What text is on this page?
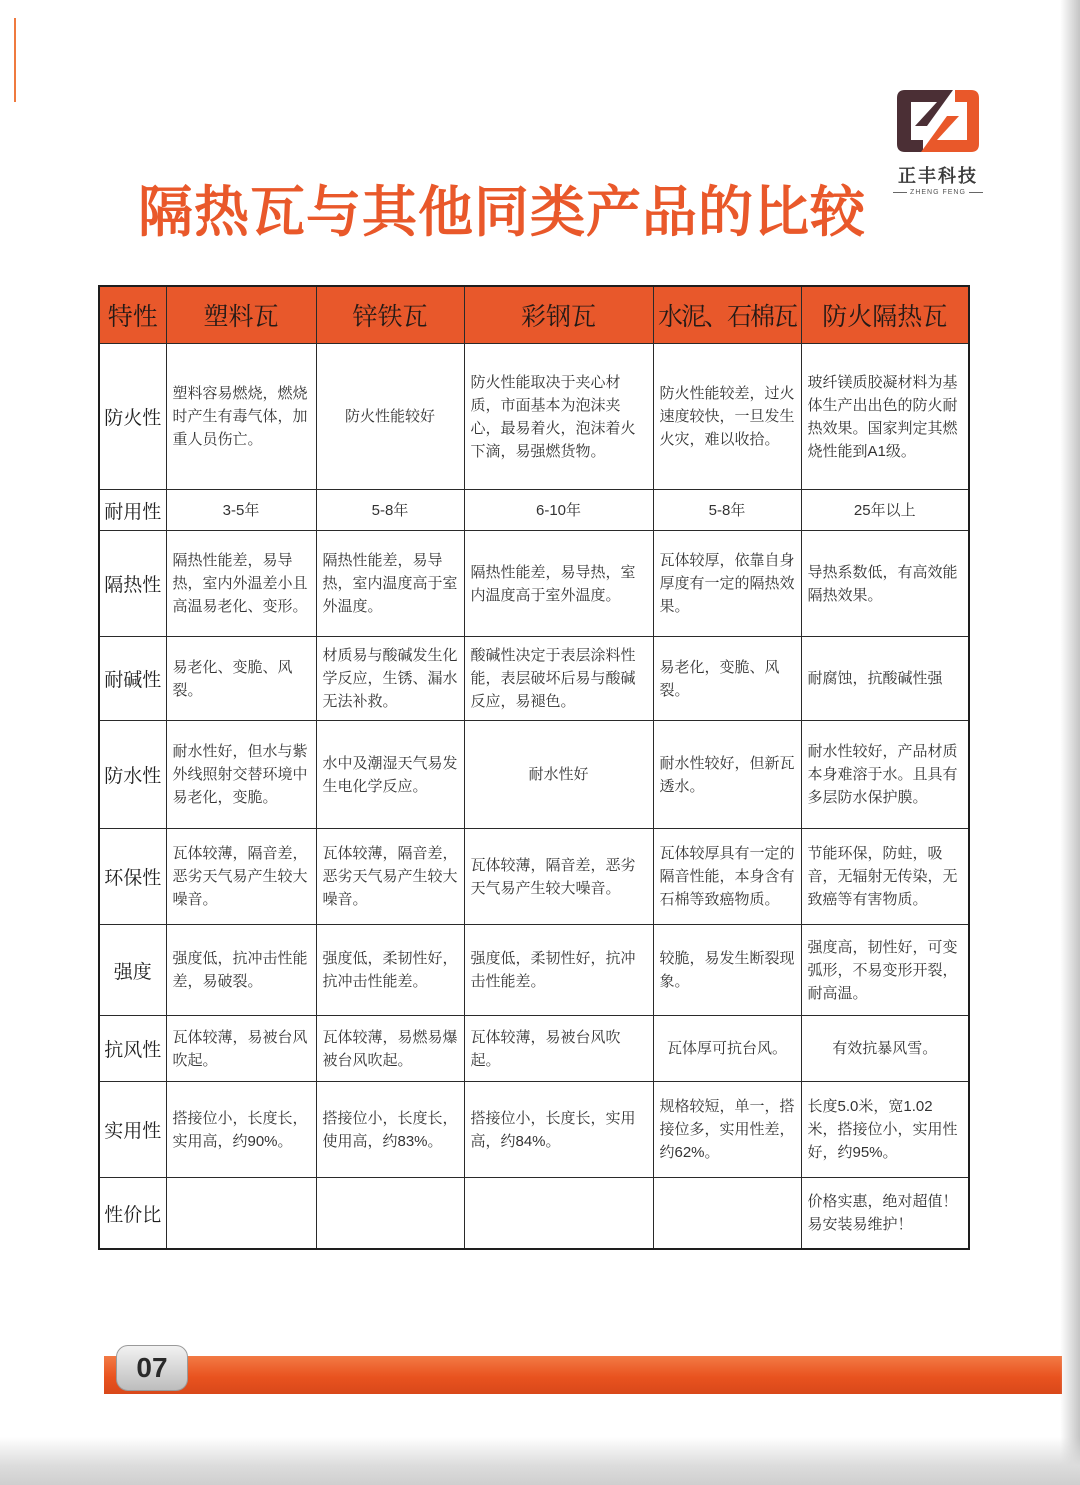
正丰科技
ZHENG FENG
隔热瓦与其他同类产品的比较
特性	塑料瓦	锌铁瓦	彩钢瓦	水泥、石棉瓦	防火隔热瓦
防火性	塑料容易燃烧，燃烧时产生有毒气体，加重人员伤亡。	防火性能较好	防火性能取决于夹心材质，市面基本为泡沫夹心，最易着火，泡沫着火下滴，易强燃货物。	防火性能较差，过火速度较快，一旦发生火灾，难以收拾。	玻纤镁质胶凝材料为基体生产出出色的防火耐热效果。国家判定其燃烧性能到A1级。
耐用性	3-5年	5-8年	6-10年	5-8年	25年以上
隔热性	隔热性能差，易导热，室内外温差小且高温易老化、变形。	隔热性能差，易导热，室内温度高于室外温度。	隔热性能差，易导热，室内温度高于室外温度。	瓦体较厚，依靠自身厚度有一定的隔热效果。	导热系数低，有高效能隔热效果。
耐碱性	易老化、变脆、风裂。	材质易与酸碱发生化学反应，生锈、漏水无法补救。	酸碱性决定于表层涂料性能，表层破坏后易与酸碱反应，易褪色。	易老化，变脆、风裂。	耐腐蚀，抗酸碱性强
防水性	耐水性好，但水与紫外线照射交替环境中易老化，变脆。	水中及潮湿天气易发生电化学反应。	耐水性好	耐水性较好，但新瓦透水。	耐水性较好，产品材质本身难溶于水。且具有多层防水保护膜。
环保性	瓦体较薄，隔音差，恶劣天气易产生较大噪音。	瓦体较薄，隔音差，恶劣天气易产生较大噪音。	瓦体较薄，隔音差，恶劣天气易产生较大噪音。	瓦体较厚具有一定的隔音性能，本身含有石棉等致癌物质。	节能环保，防蛀，吸音，无辐射无传染，无致癌等有害物质。
强度	强度低，抗冲击性能差，易破裂。	强度低，柔韧性好，抗冲击性能差。	强度低，柔韧性好，抗冲击性能差。	较脆，易发生断裂现象。	强度高，韧性好，可变弧形，不易变形开裂，耐高温。
抗风性	瓦体较薄，易被台风吹起。	瓦体较薄，易燃易爆被台风吹起。	瓦体较薄，易被台风吹起。	瓦体厚可抗台风。	有效抗暴风雪。
实用性	搭接位小，长度长，实用高，约90%。	搭接位小，长度长，使用高，约83%。	搭接位小，长度长，实用高，约84%。	规格较短，单一，搭接位多，实用性差，约62%。	长度5.0米，宽1.02米，搭接位小，实用性好，约95%。
性价比					价格实惠，绝对超值！易安装易维护！
07
